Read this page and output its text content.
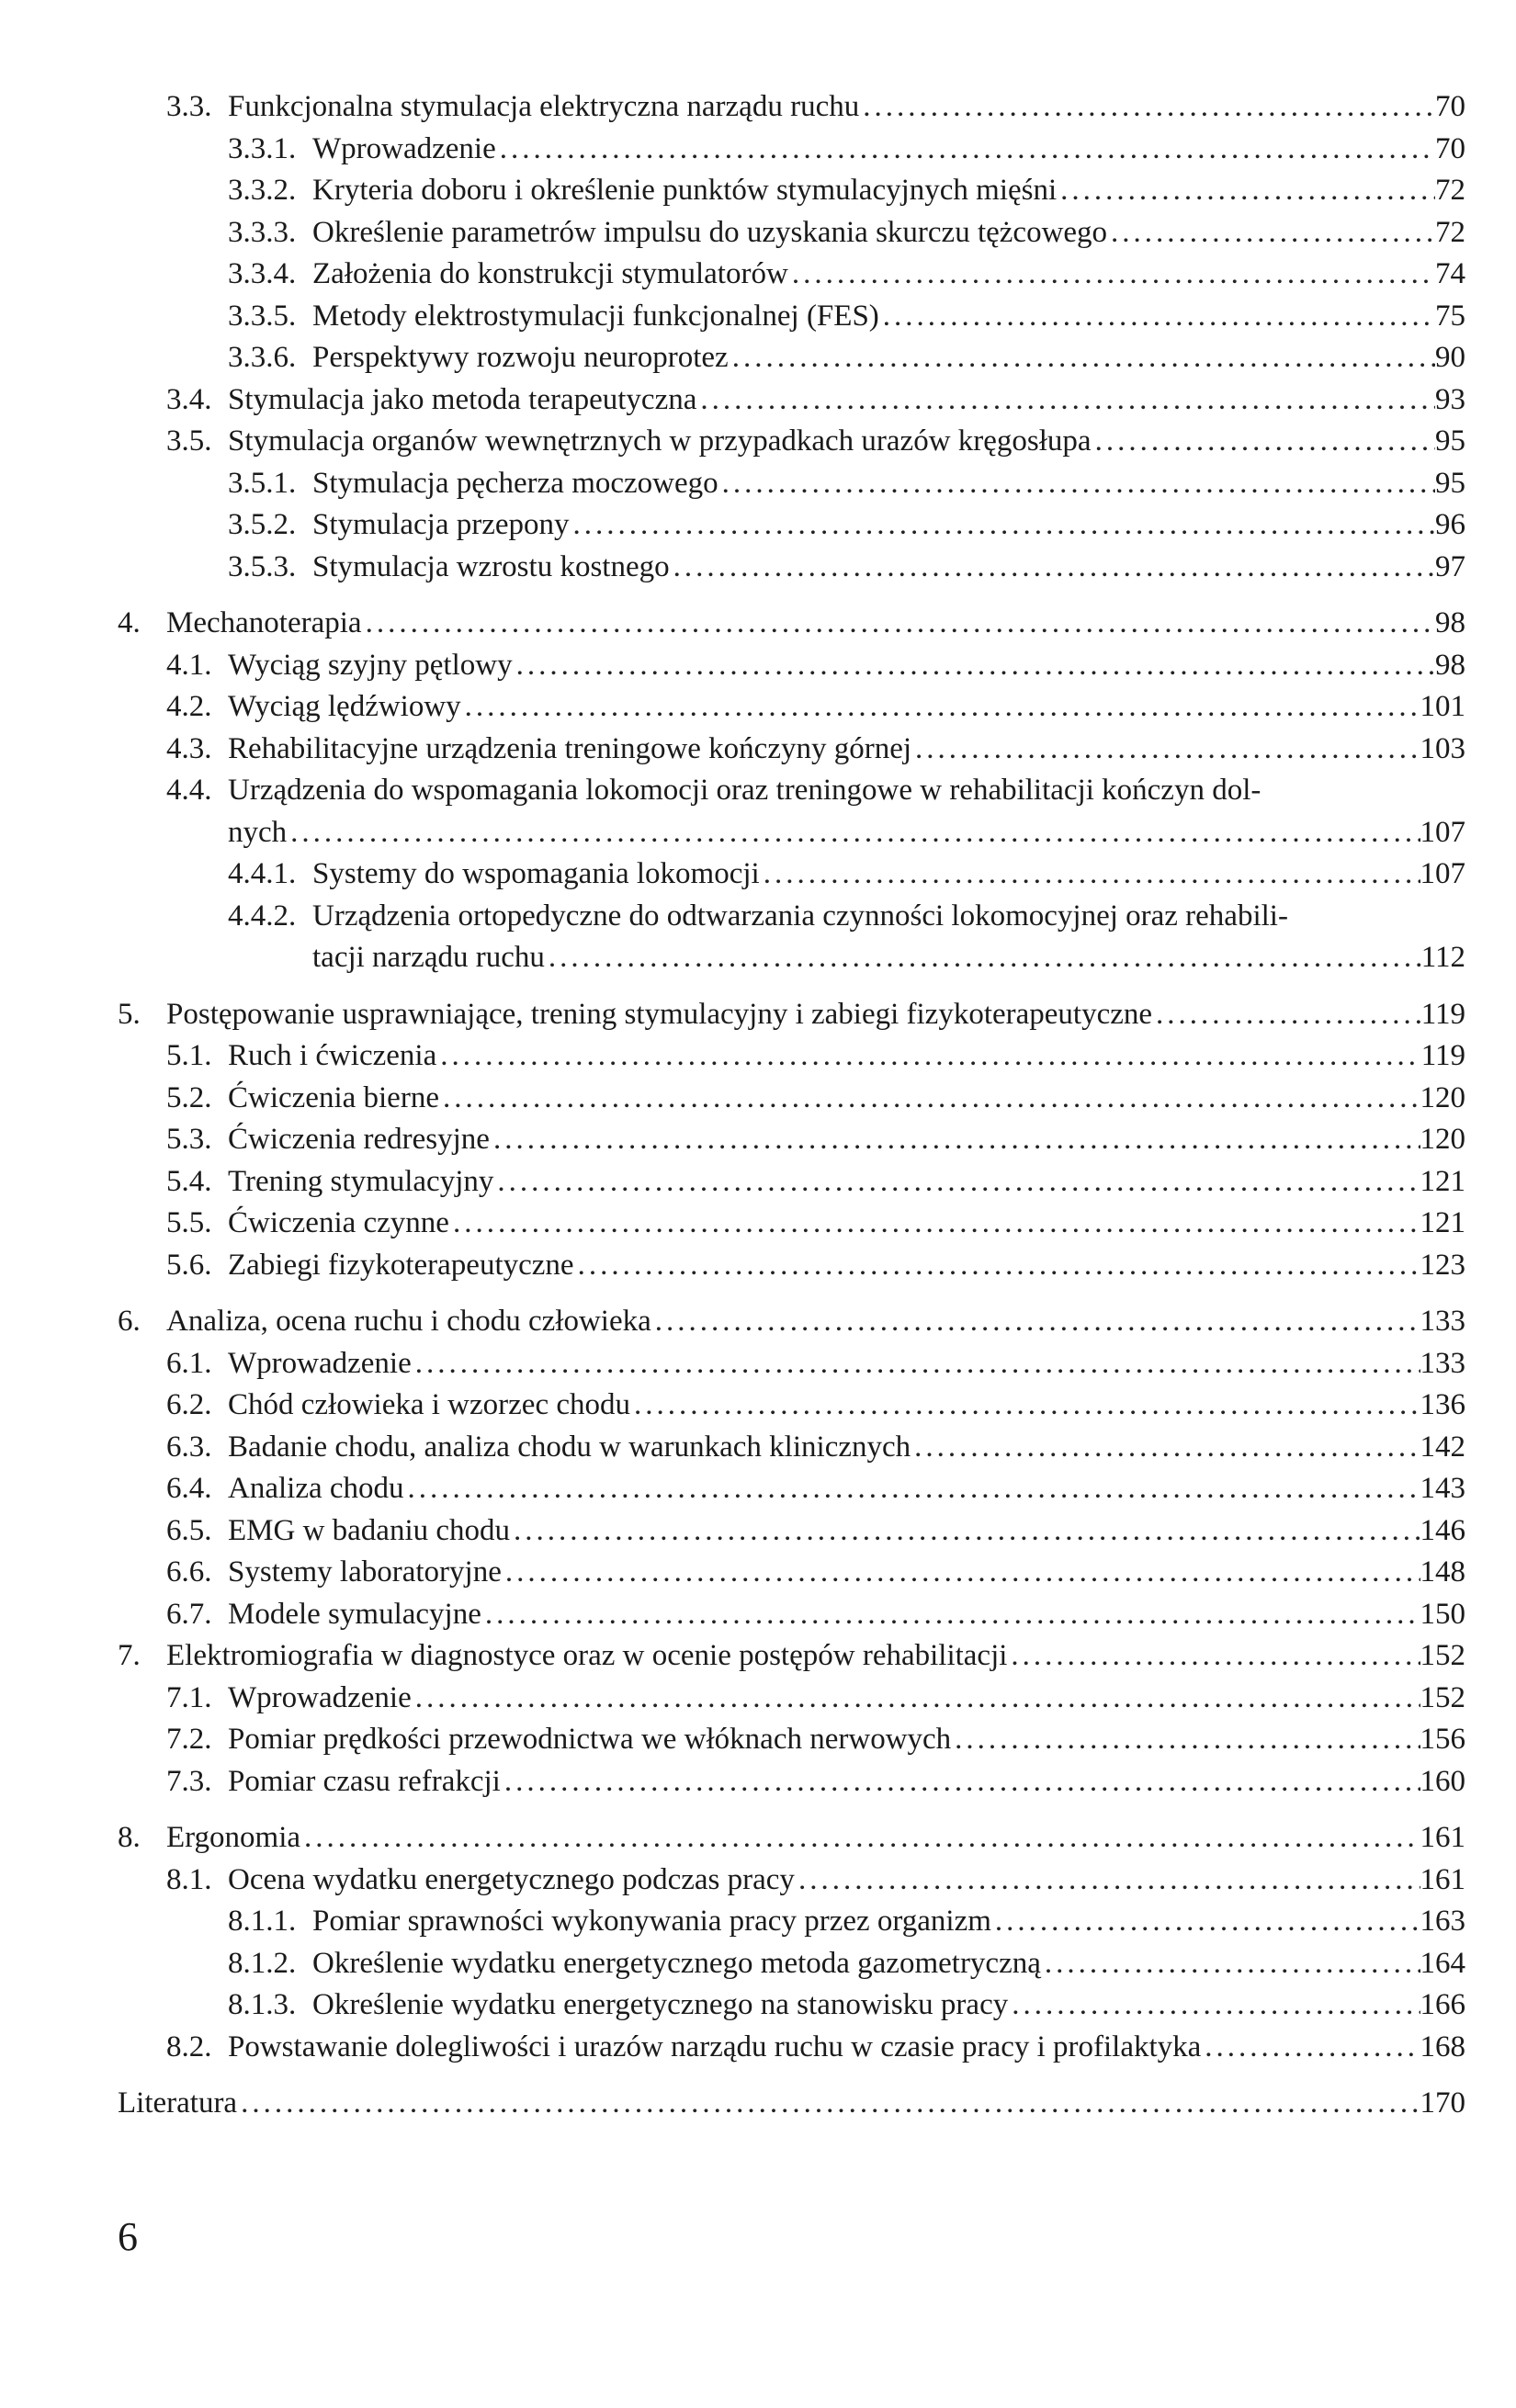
3.3. Funkcjonalna stymulacja elektryczna narządu ruchu .....	70
3.3.1. Wprowadzenie .....	70
3.3.2. Kryteria doboru i określenie punktów stymulacyjnych mięśni .....	72
3.3.3. Określenie parametrów impulsu do uzyskania skurczu tężcowego .....	72
3.3.4. Założenia do konstrukcji stymulatorów .....	74
3.3.5. Metody elektrostymulacji funkcjonalnej (FES) .....	75
3.3.6. Perspektywy rozwoju neuroprotez .....	90
3.4. Stymulacja jako metoda terapeutyczna .....	93
3.5. Stymulacja organów wewnętrznych w przypadkach urazów kręgosłupa .....	95
3.5.1. Stymulacja pęcherza moczowego .....	95
3.5.2. Stymulacja przepony .....	96
3.5.3. Stymulacja wzrostu kostnego .....	97
4. Mechanoterapia .....	98
4.1. Wyciąg szyjny pętlowy .....	98
4.2. Wyciąg lędźwiowy .....	101
4.3. Rehabilitacyjne urządzenia treningowe kończyny górnej .....	103
4.4. Urządzenia do wspomagania lokomocji oraz treningowe w rehabilitacji kończyn dol-
nych .....	107
4.4.1. Systemy do wspomagania lokomocji .....	107
4.4.2. Urządzenia ortopedyczne do odtwarzania czynności lokomocyjnej oraz rehabili-
tacji narządu ruchu .....	112
5. Postępowanie usprawniające, trening stymulacyjny i zabiegi fizykoterapeutyczne .....	119
5.1. Ruch i ćwiczenia .....	119
5.2. Ćwiczenia bierne .....	120
5.3. Ćwiczenia redresyjne .....	120
5.4. Trening stymulacyjny .....	121
5.5. Ćwiczenia czynne .....	121
5.6. Zabiegi fizykoterapeutyczne .....	123
6. Analiza, ocena ruchu i chodu człowieka .....	133
6.1. Wprowadzenie .....	133
6.2. Chód człowieka i wzorzec chodu .....	136
6.3. Badanie chodu, analiza chodu w warunkach klinicznych .....	142
6.4. Analiza chodu .....	143
6.5. EMG w badaniu chodu .....	146
6.6. Systemy laboratoryjne .....	148
6.7. Modele symulacyjne .....	150
7. Elektromiografia w diagnostyce oraz w ocenie postępów rehabilitacji .....	152
7.1. Wprowadzenie .....	152
7.2. Pomiar prędkości przewodnictwa we włóknach nerwowych .....	156
7.3. Pomiar czasu refrakcji .....	160
8. Ergonomia .....	161
8.1. Ocena wydatku energetycznego podczas pracy .....	161
8.1.1. Pomiar sprawności wykonywania pracy przez organizm .....	163
8.1.2. Określenie wydatku energetycznego metoda gazometryczną .....	164
8.1.3. Określenie wydatku energetycznego na stanowisku pracy .....	166
8.2. Powstawanie dolegliwości i urazów narządu ruchu w czasie pracy i profilaktyka .....	168
Literatura .....	170
6
